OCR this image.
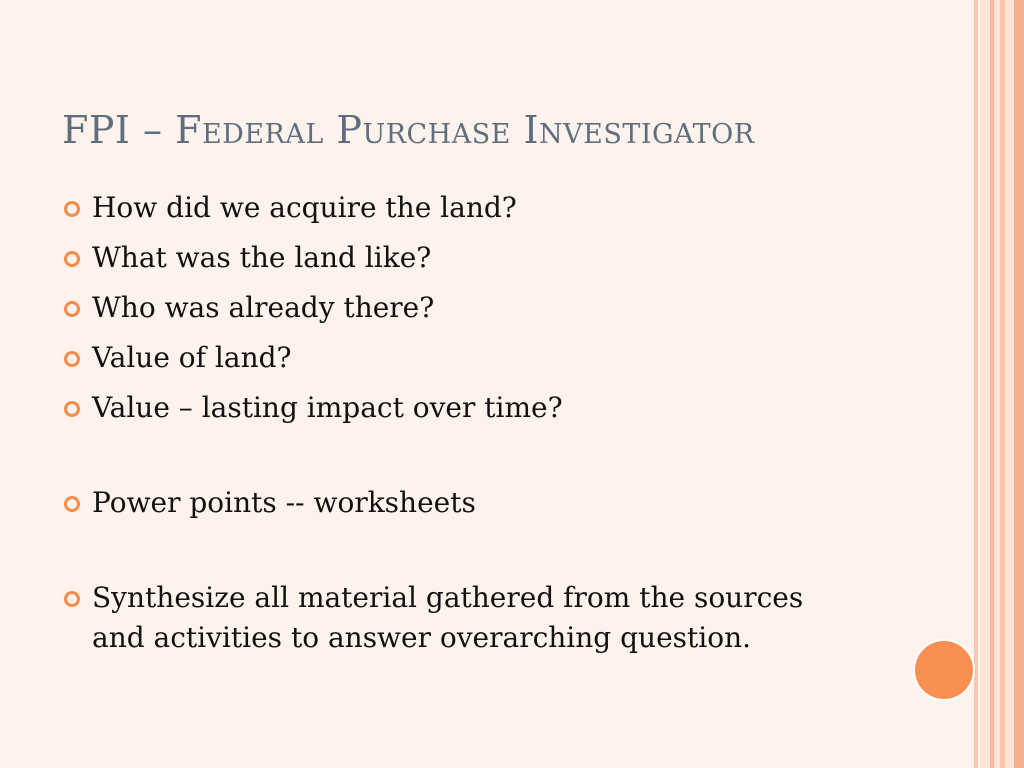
FPI – Federal Purchase Investigator
How did we acquire the land?
What was the land like?
Who was already there?
Value of land?
Value – lasting impact over time?
Power points -- worksheets
Synthesize all material gathered from the sources and activities to answer overarching question.
